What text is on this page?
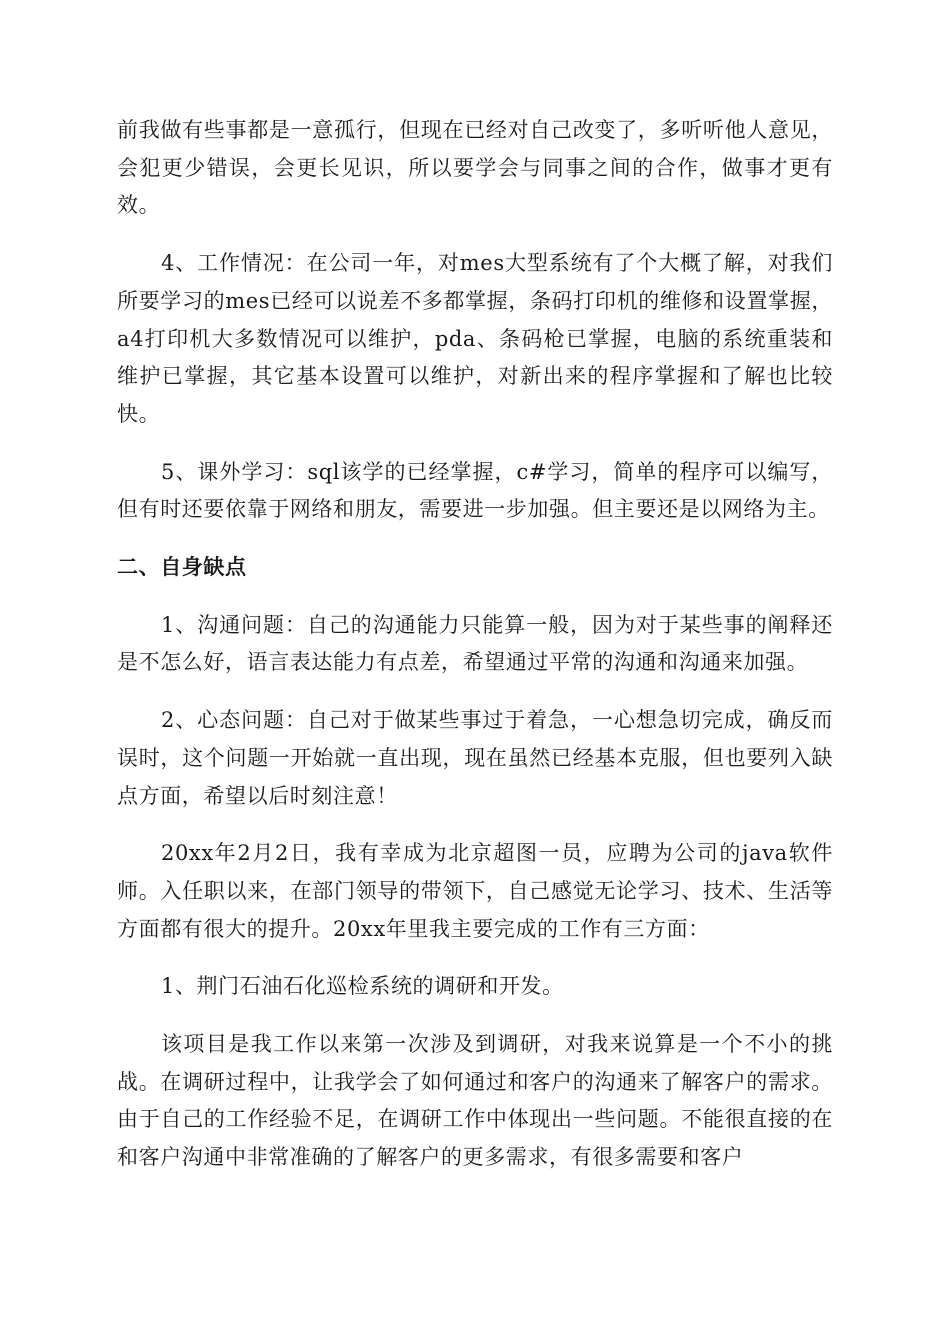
前我做有些事都是一意孤行，但现在已经对自己改变了，多听听他人意见，会犯更少错误，会更长见识，所以要学会与同事之间的合作，做事才更有效。

4、工作情况：在公司一年，对mes大型系统有了个大概了解，对我们所要学习的mes已经可以说差不多都掌握，条码打印机的维修和设置掌握，a4打印机大多数情况可以维护，pda、条码枪已掌握，电脑的系统重装和维护已掌握，其它基本设置可以维护，对新出来的程序掌握和了解也比较快。

5、课外学习：sql该学的已经掌握，c#学习，简单的程序可以编写，但有时还要依靠于网络和朋友，需要进一步加强。但主要还是以网络为主。

二、自身缺点

1、沟通问题：自己的沟通能力只能算一般，因为对于某些事的阐释还是不怎么好，语言表达能力有点差，希望通过平常的沟通和沟通来加强。

2、心态问题：自己对于做某些事过于着急，一心想急切完成，确反而误时，这个问题一开始就一直出现，现在虽然已经基本克服，但也要列入缺点方面，希望以后时刻注意！

20xx年2月2日，我有幸成为北京超图一员，应聘为公司的java软件师。入任职以来，在部门领导的带领下，自己感觉无论学习、技术、生活等方面都有很大的提升。20xx年里我主要完成的工作有三方面：

1、荆门石油石化巡检系统的调研和开发。

该项目是我工作以来第一次涉及到调研，对我来说算是一个不小的挑战。在调研过程中，让我学会了如何通过和客户的沟通来了解客户的需求。由于自己的工作经验不足，在调研工作中体现出一些问题。不能很直接的在和客户沟通中非常准确的了解客户的更多需求，有很多需要和客户
